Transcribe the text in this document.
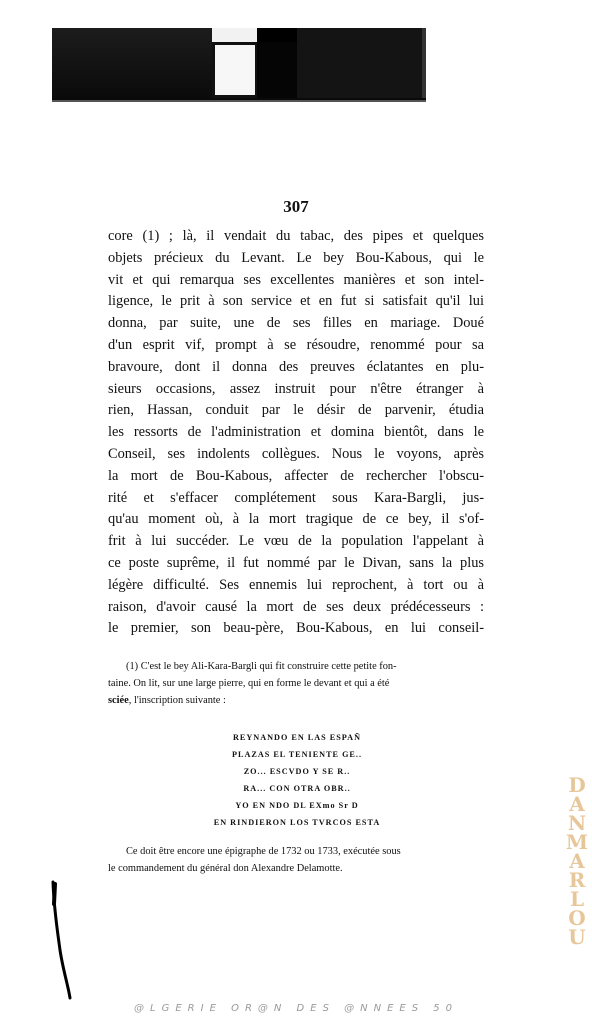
307
core (1) ; là, il vendait du tabac, des pipes et quelques
objets précieux du Levant. Le bey Bou-Kabous, qui le
vit et qui remarqua ses excellentes manières et son intel-
ligence, le prit à son service et en fut si satisfait qu'il lui
donna, par suite, une de ses filles en mariage. Doué
d'un esprit vif, prompt à se résoudre, renommé pour sa
bravoure, dont il donna des preuves éclatantes en plu-
sieurs occasions, assez instruit pour n'être étranger à
rien, Hassan, conduit par le désir de parvenir, étudia
les ressorts de l'administration et domina bientôt, dans le
Conseil, ses indolents collègues. Nous le voyons, après
la mort de Bou-Kabous, affecter de rechercher l'obscu-
rité et s'effacer complétement sous Kara-Bargli, jus-
qu'au moment où, à la mort tragique de ce bey, il s'of-
frit à lui succéder. Le vœu de la population l'appelant à
ce poste suprême, il fut nommé par le Divan, sans la plus
légère difficulté. Ses ennemis lui reprochent, à tort ou à
raison, d'avoir causé la mort de ses deux prédécesseurs :
le premier, son beau-père, Bou-Kabous, en lui conseil-
(1) C'est le bey Ali-Kara-Bargli qui fit construire cette petite fon-
taine. On lit, sur une large pierre, qui en forme le devant et qui a été
sciée, l'inscription suivante :
REYNANDO EN LAS ESPAÑ
PLAZAS EL TENIENTE GE..
ZO... ESCVDO Y SE R..
RA... CON OTRA OBR..
YO EN NDO DL EXmo Sr D
EN RINDIERON LOS TVRCOS ESTA
Ce doit être encore une épigraphe de 1732 ou 1733, exécutée sous
le commandement du général don Alexandre Delamotte.
D
A
N
M
A
R
L
O
U
@LGERIE OR@N DES @NNEES 50
